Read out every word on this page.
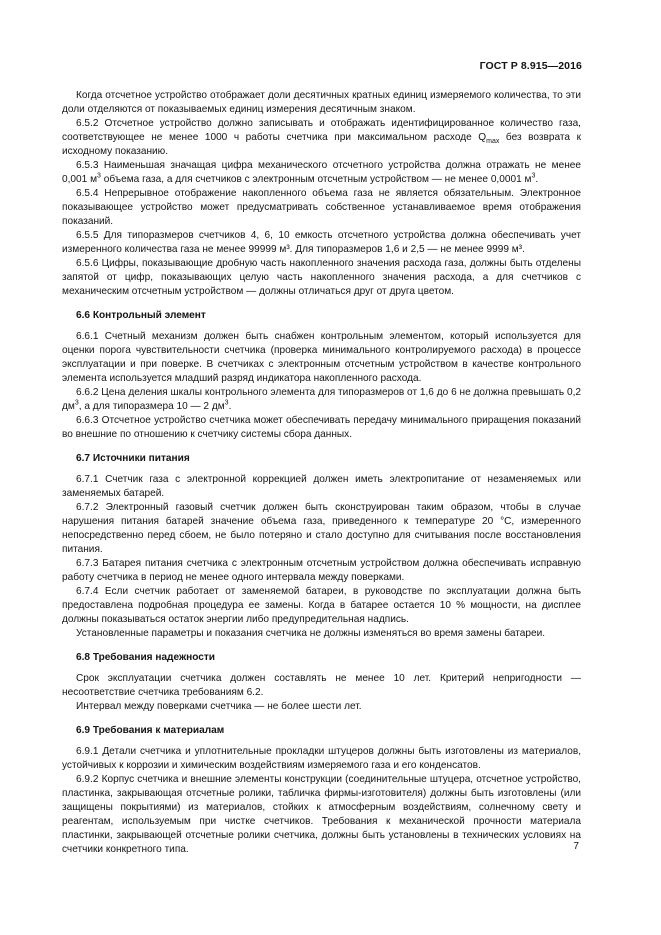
ГОСТ Р 8.915—2016

Когда отсчетное устройство отображает доли десятичных кратных единиц измеряемого количества, то эти доли отделяются от показываемых единиц измерения десятичным знаком.

6.5.2 Отсчетное устройство должно записывать и отображать идентифицированное количество газа, соответствующее не менее 1000 ч работы счетчика при максимальном расходе $Q_{max}$ без возврата к исходному показанию.

6.5.3 Наименьшая значащая цифра механического отсчетного устройства должна отражать не менее 0,001 $м^3$ объема газа, а для счетчиков с электронным отсчетным устройством — не менее 0,0001 $м^3$.

6.5.4 Непрерывное отображение накопленного объема газа не является обязательным. Электронное показывающее устройство может предусматривать собственное устанавливаемое время отображения показаний.

6.5.5 Для типоразмеров счетчиков 4, 6, 10 емкость отсчетного устройства должна обеспечивать учет измеренного количества газа не менее 99999 м³. Для типоразмеров 1,6 и 2,5 — не менее 9999 м³.

6.5.6 Цифры, показывающие дробную часть накопленного значения расхода газа, должны быть отделены запятой от цифр, показывающих целую часть накопленного значения расхода, а для счетчиков с механическим отсчетным устройством — должны отличаться друг от друга цветом.

6.6 Контрольный элемент

6.6.1 Счетный механизм должен быть снабжен контрольным элементом, который используется для оценки порога чувствительности счетчика (проверка минимального контролируемого расхода) в процессе эксплуатации и при поверке. В счетчиках с электронным отсчетным устройством в качестве контрольного элемента используется младший разряд индикатора накопленного расхода.

6.6.2 Цена деления шкалы контрольного элемента для типоразмеров от 1,6 до 6 не должна превышать 0,2 $дм^3$, а для типоразмера 10 — 2 $дм^3$.

6.6.3 Отсчетное устройство счетчика может обеспечивать передачу минимального приращения показаний во внешние по отношению к счетчику системы сбора данных.

6.7 Источники питания

6.7.1 Счетчик газа с электронной коррекцией должен иметь электропитание от незаменяемых или заменяемых батарей.

6.7.2 Электронный газовый счетчик должен быть сконструирован таким образом, чтобы в случае нарушения питания батарей значение объема газа, приведенного к температуре 20 °С, измеренного непосредственно перед сбоем, не было потеряно и стало доступно для считывания после восстановления питания.

6.7.3 Батарея питания счетчика с электронным отсчетным устройством должна обеспечивать исправную работу счетчика в период не менее одного интервала между поверками.

6.7.4 Если счетчик работает от заменяемой батареи, в руководстве по эксплуатации должна быть предоставлена подробная процедура ее замены. Когда в батарее остается 10 % мощности, на дисплее должны показываться остаток энергии либо предупредительная надпись.

Установленные параметры и показания счетчика не должны изменяться во время замены батареи.

6.8 Требования надежности

Срок эксплуатации счетчика должен составлять не менее 10 лет. Критерий непригодности — несоответствие счетчика требованиям 6.2.

Интервал между поверками счетчика — не более шести лет.

6.9 Требования к материалам

6.9.1 Детали счетчика и уплотнительные прокладки штуцеров должны быть изготовлены из материалов, устойчивых к коррозии и химическим воздействиям измеряемого газа и его конденсатов.

6.9.2 Корпус счетчика и внешние элементы конструкции (соединительные штуцера, отсчетное устройство, пластинка, закрывающая отсчетные ролики, табличка фирмы-изготовителя) должны быть изготовлены (или защищены покрытиями) из материалов, стойких к атмосферным воздействиям, солнечному свету и реагентам, используемым при чистке счетчиков. Требования к механической прочности материала пластинки, закрывающей отсчетные ролики счетчика, должны быть установлены в технических условиях на счетчики конкретного типа.	7
